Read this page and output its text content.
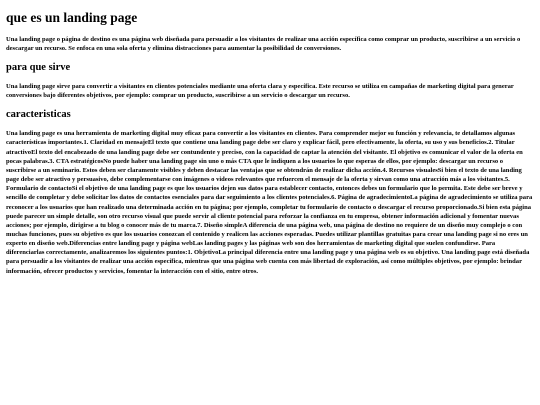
que es un landing page

Una landing page o página de destino es una página web diseñada para persuadir a los visitantes de realizar una acción específica como comprar un producto, suscribirse a un servicio o descargar un recurso. Se enfoca en una sola oferta y elimina distracciones para aumentar la posibilidad de conversiones.

para que sirve

Una landing page sirve para convertir a visitantes en clientes potenciales mediante una oferta clara y específica. Este recurso se utiliza en campañas de marketing digital para generar conversiones bajo diferentes objetivos, por ejemplo: comprar un producto, suscribirse a un servicio o descargar un recurso.

caracteristicas

Una landing page es una herramienta de marketing digital muy eficaz para convertir a los visitantes en clientes. Para comprender mejor su función y relevancia, te detallamos algunas características importantes.1. Claridad en mensajeEl texto que contiene una landing page debe ser claro y explicar fácil, pero efectivamente, la oferta, su uso y sus beneficios.2. Titular atractivoEl texto del encabezado de una landing page debe ser contundente y preciso, con la capacidad de captar la atención del visitante. El objetivo es comunicar el valor de la oferta en pocas palabras.3. CTA estratégicosNo puede haber una landing page sin uno o más CTA que le indiquen a los usuarios lo que esperas de ellos, por ejemplo: descargar un recurso o suscribirse a un seminario. Estos deben ser claramente visibles y deben destacar las ventajas que se obtendrán de realizar dicha acción.4. Recursos visualesSi bien el texto de una landing page debe ser atractivo y persuasivo, debe complementarse con imágenes o videos relevantes que refuercen el mensaje de la oferta y sirvan como una atracción más a los visitantes.5. Formulario de contactoSi el objetivo de una landing page es que los usuarios dejen sus datos para establecer contacto, entonces debes un formulario que lo permita. Este debe ser breve y sencillo de completar y debe solicitar los datos de contactos esenciales para dar seguimiento a los clientes potenciales.6. Página de agradecimientoLa página de agradecimiento se utiliza para reconocer a los usuarios que han realizado una determinada acción en tu página; por ejemplo, completar tu formulario de contacto o descargar el recurso proporcionado.Si bien esta página puede parecer un simple detalle, son otro recurso visual que puede servir al cliente potencial para reforzar la confianza en tu empresa, obtener información adicional y fomentar nuevas acciones; por ejemplo, dirigirse a tu blog o conocer más de tu marca.7. Diseño simpleA diferencia de una página web, una página de destino no requiere de un diseño muy complejo o con muchas funciones, pues su objetivo es que los usuarios conozcan el contenido y realicen las acciones esperadas. Puedes utilizar plantillas gratuitas para crear una landing page si no eres un experto en diseño web.Diferencias entre landing page y página webLas landing pages y las páginas web son dos herramientas de marketing digital que suelen confundirse. Para diferenciarlas correctamente, analizaremos los siguientes puntos:1. ObjetivoLa principal diferencia entre una landing page y una página web es su objetivo. Una landing page está diseñada para persuadir a los visitantes de realizar una acción específica, mientras que una página web cuenta con más libertad de exploración, así como múltiples objetivos, por ejemplo: brindar información, ofrecer productos y servicios, fomentar la interacción con el sitio, entre otros.
